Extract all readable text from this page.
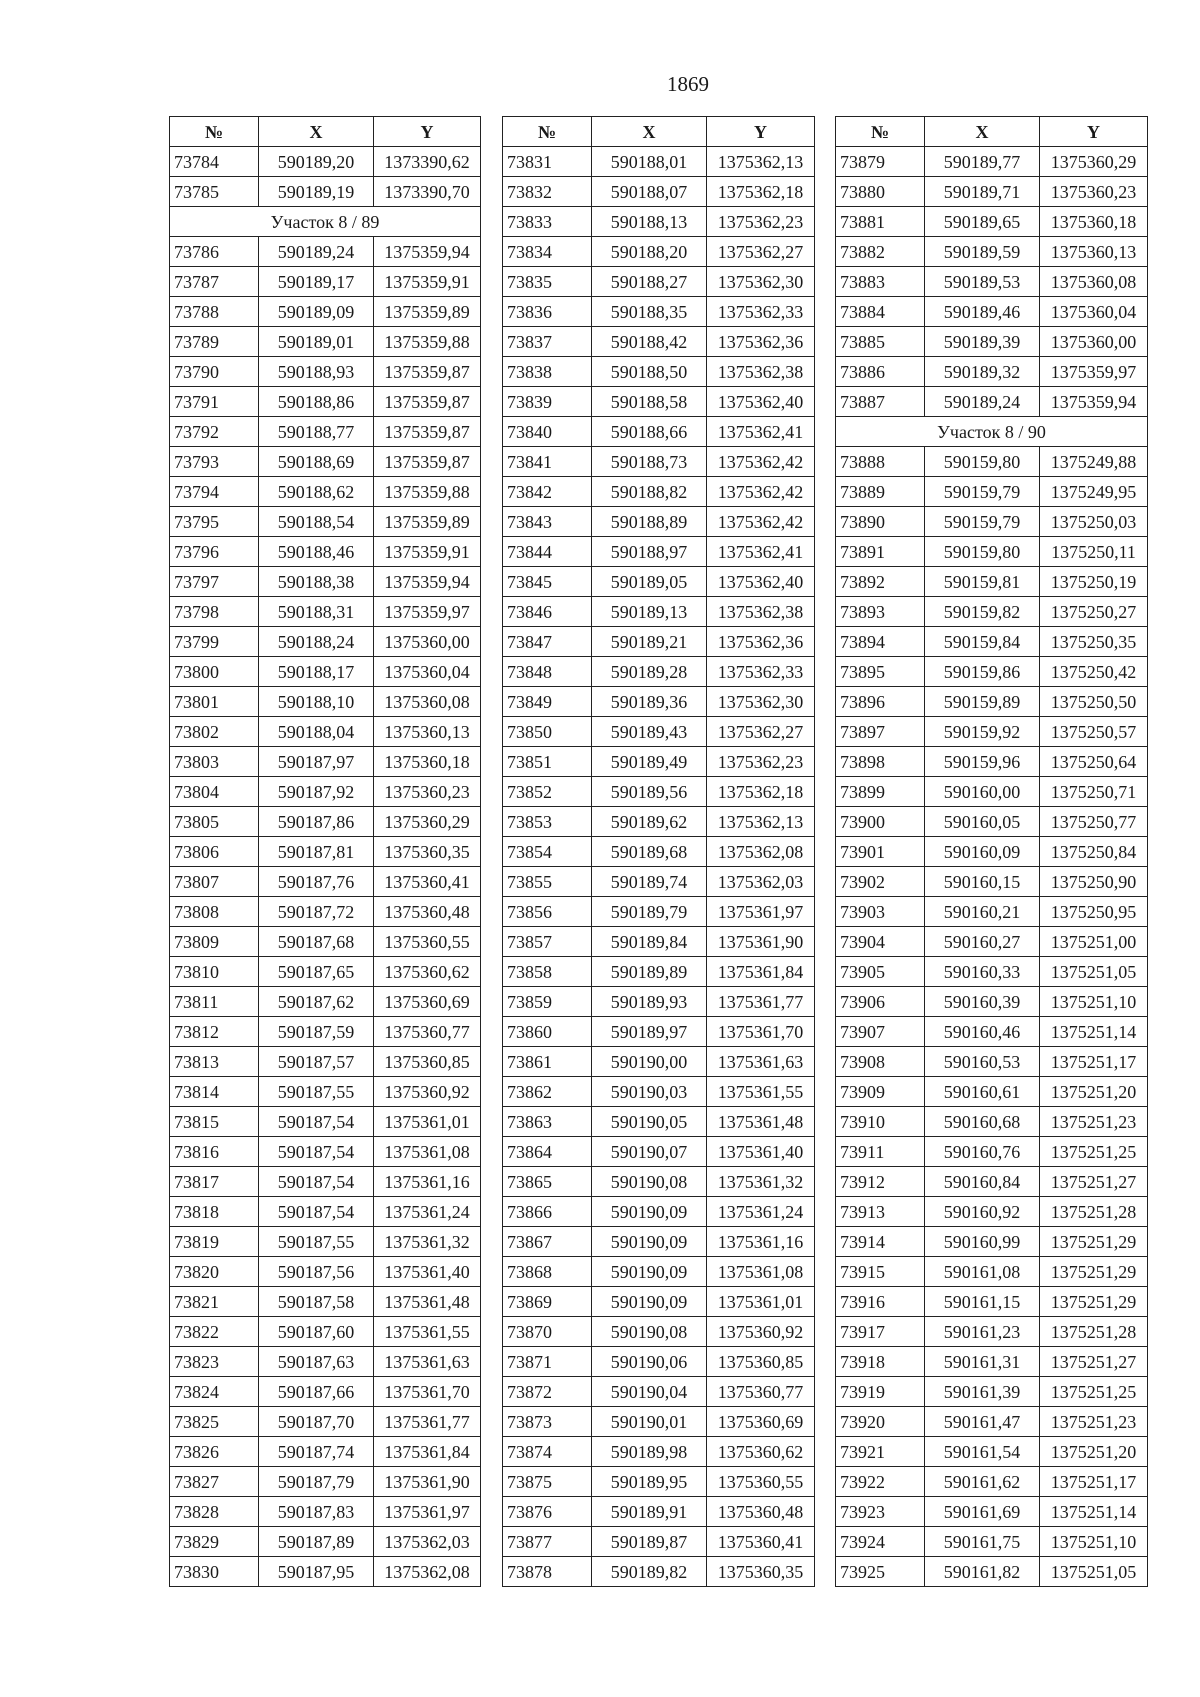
1869
№	X	Y
73784	590189,20	1373390,62
73785	590189,19	1373390,70
Участок 8 / 89		
73786	590189,24	1375359,94
73787	590189,17	1375359,91
73788	590189,09	1375359,89
73789	590189,01	1375359,88
73790	590188,93	1375359,87
73791	590188,86	1375359,87
73792	590188,77	1375359,87
73793	590188,69	1375359,87
73794	590188,62	1375359,88
73795	590188,54	1375359,89
73796	590188,46	1375359,91
73797	590188,38	1375359,94
73798	590188,31	1375359,97
73799	590188,24	1375360,00
73800	590188,17	1375360,04
73801	590188,10	1375360,08
73802	590188,04	1375360,13
73803	590187,97	1375360,18
73804	590187,92	1375360,23
73805	590187,86	1375360,29
73806	590187,81	1375360,35
73807	590187,76	1375360,41
73808	590187,72	1375360,48
73809	590187,68	1375360,55
73810	590187,65	1375360,62
73811	590187,62	1375360,69
73812	590187,59	1375360,77
73813	590187,57	1375360,85
73814	590187,55	1375360,92
73815	590187,54	1375361,01
73816	590187,54	1375361,08
73817	590187,54	1375361,16
73818	590187,54	1375361,24
73819	590187,55	1375361,32
73820	590187,56	1375361,40
73821	590187,58	1375361,48
73822	590187,60	1375361,55
73823	590187,63	1375361,63
73824	590187,66	1375361,70
73825	590187,70	1375361,77
73826	590187,74	1375361,84
73827	590187,79	1375361,90
73828	590187,83	1375361,97
73829	590187,89	1375362,03
73830	590187,95	1375362,08
№	X	Y
73831	590188,01	1375362,13
73832	590188,07	1375362,18
73833	590188,13	1375362,23
73834	590188,20	1375362,27
73835	590188,27	1375362,30
73836	590188,35	1375362,33
73837	590188,42	1375362,36
73838	590188,50	1375362,38
73839	590188,58	1375362,40
73840	590188,66	1375362,41
73841	590188,73	1375362,42
73842	590188,82	1375362,42
73843	590188,89	1375362,42
73844	590188,97	1375362,41
73845	590189,05	1375362,40
73846	590189,13	1375362,38
73847	590189,21	1375362,36
73848	590189,28	1375362,33
73849	590189,36	1375362,30
73850	590189,43	1375362,27
73851	590189,49	1375362,23
73852	590189,56	1375362,18
73853	590189,62	1375362,13
73854	590189,68	1375362,08
73855	590189,74	1375362,03
73856	590189,79	1375361,97
73857	590189,84	1375361,90
73858	590189,89	1375361,84
73859	590189,93	1375361,77
73860	590189,97	1375361,70
73861	590190,00	1375361,63
73862	590190,03	1375361,55
73863	590190,05	1375361,48
73864	590190,07	1375361,40
73865	590190,08	1375361,32
73866	590190,09	1375361,24
73867	590190,09	1375361,16
73868	590190,09	1375361,08
73869	590190,09	1375361,01
73870	590190,08	1375360,92
73871	590190,06	1375360,85
73872	590190,04	1375360,77
73873	590190,01	1375360,69
73874	590189,98	1375360,62
73875	590189,95	1375360,55
73876	590189,91	1375360,48
73877	590189,87	1375360,41
73878	590189,82	1375360,35
№	X	Y
73879	590189,77	1375360,29
73880	590189,71	1375360,23
73881	590189,65	1375360,18
73882	590189,59	1375360,13
73883	590189,53	1375360,08
73884	590189,46	1375360,04
73885	590189,39	1375360,00
73886	590189,32	1375359,97
73887	590189,24	1375359,94
Участок 8 / 90		
73888	590159,80	1375249,88
73889	590159,79	1375249,95
73890	590159,79	1375250,03
73891	590159,80	1375250,11
73892	590159,81	1375250,19
73893	590159,82	1375250,27
73894	590159,84	1375250,35
73895	590159,86	1375250,42
73896	590159,89	1375250,50
73897	590159,92	1375250,57
73898	590159,96	1375250,64
73899	590160,00	1375250,71
73900	590160,05	1375250,77
73901	590160,09	1375250,84
73902	590160,15	1375250,90
73903	590160,21	1375250,95
73904	590160,27	1375251,00
73905	590160,33	1375251,05
73906	590160,39	1375251,10
73907	590160,46	1375251,14
73908	590160,53	1375251,17
73909	590160,61	1375251,20
73910	590160,68	1375251,23
73911	590160,76	1375251,25
73912	590160,84	1375251,27
73913	590160,92	1375251,28
73914	590160,99	1375251,29
73915	590161,08	1375251,29
73916	590161,15	1375251,29
73917	590161,23	1375251,28
73918	590161,31	1375251,27
73919	590161,39	1375251,25
73920	590161,47	1375251,23
73921	590161,54	1375251,20
73922	590161,62	1375251,17
73923	590161,69	1375251,14
73924	590161,75	1375251,10
73925	590161,82	1375251,05
